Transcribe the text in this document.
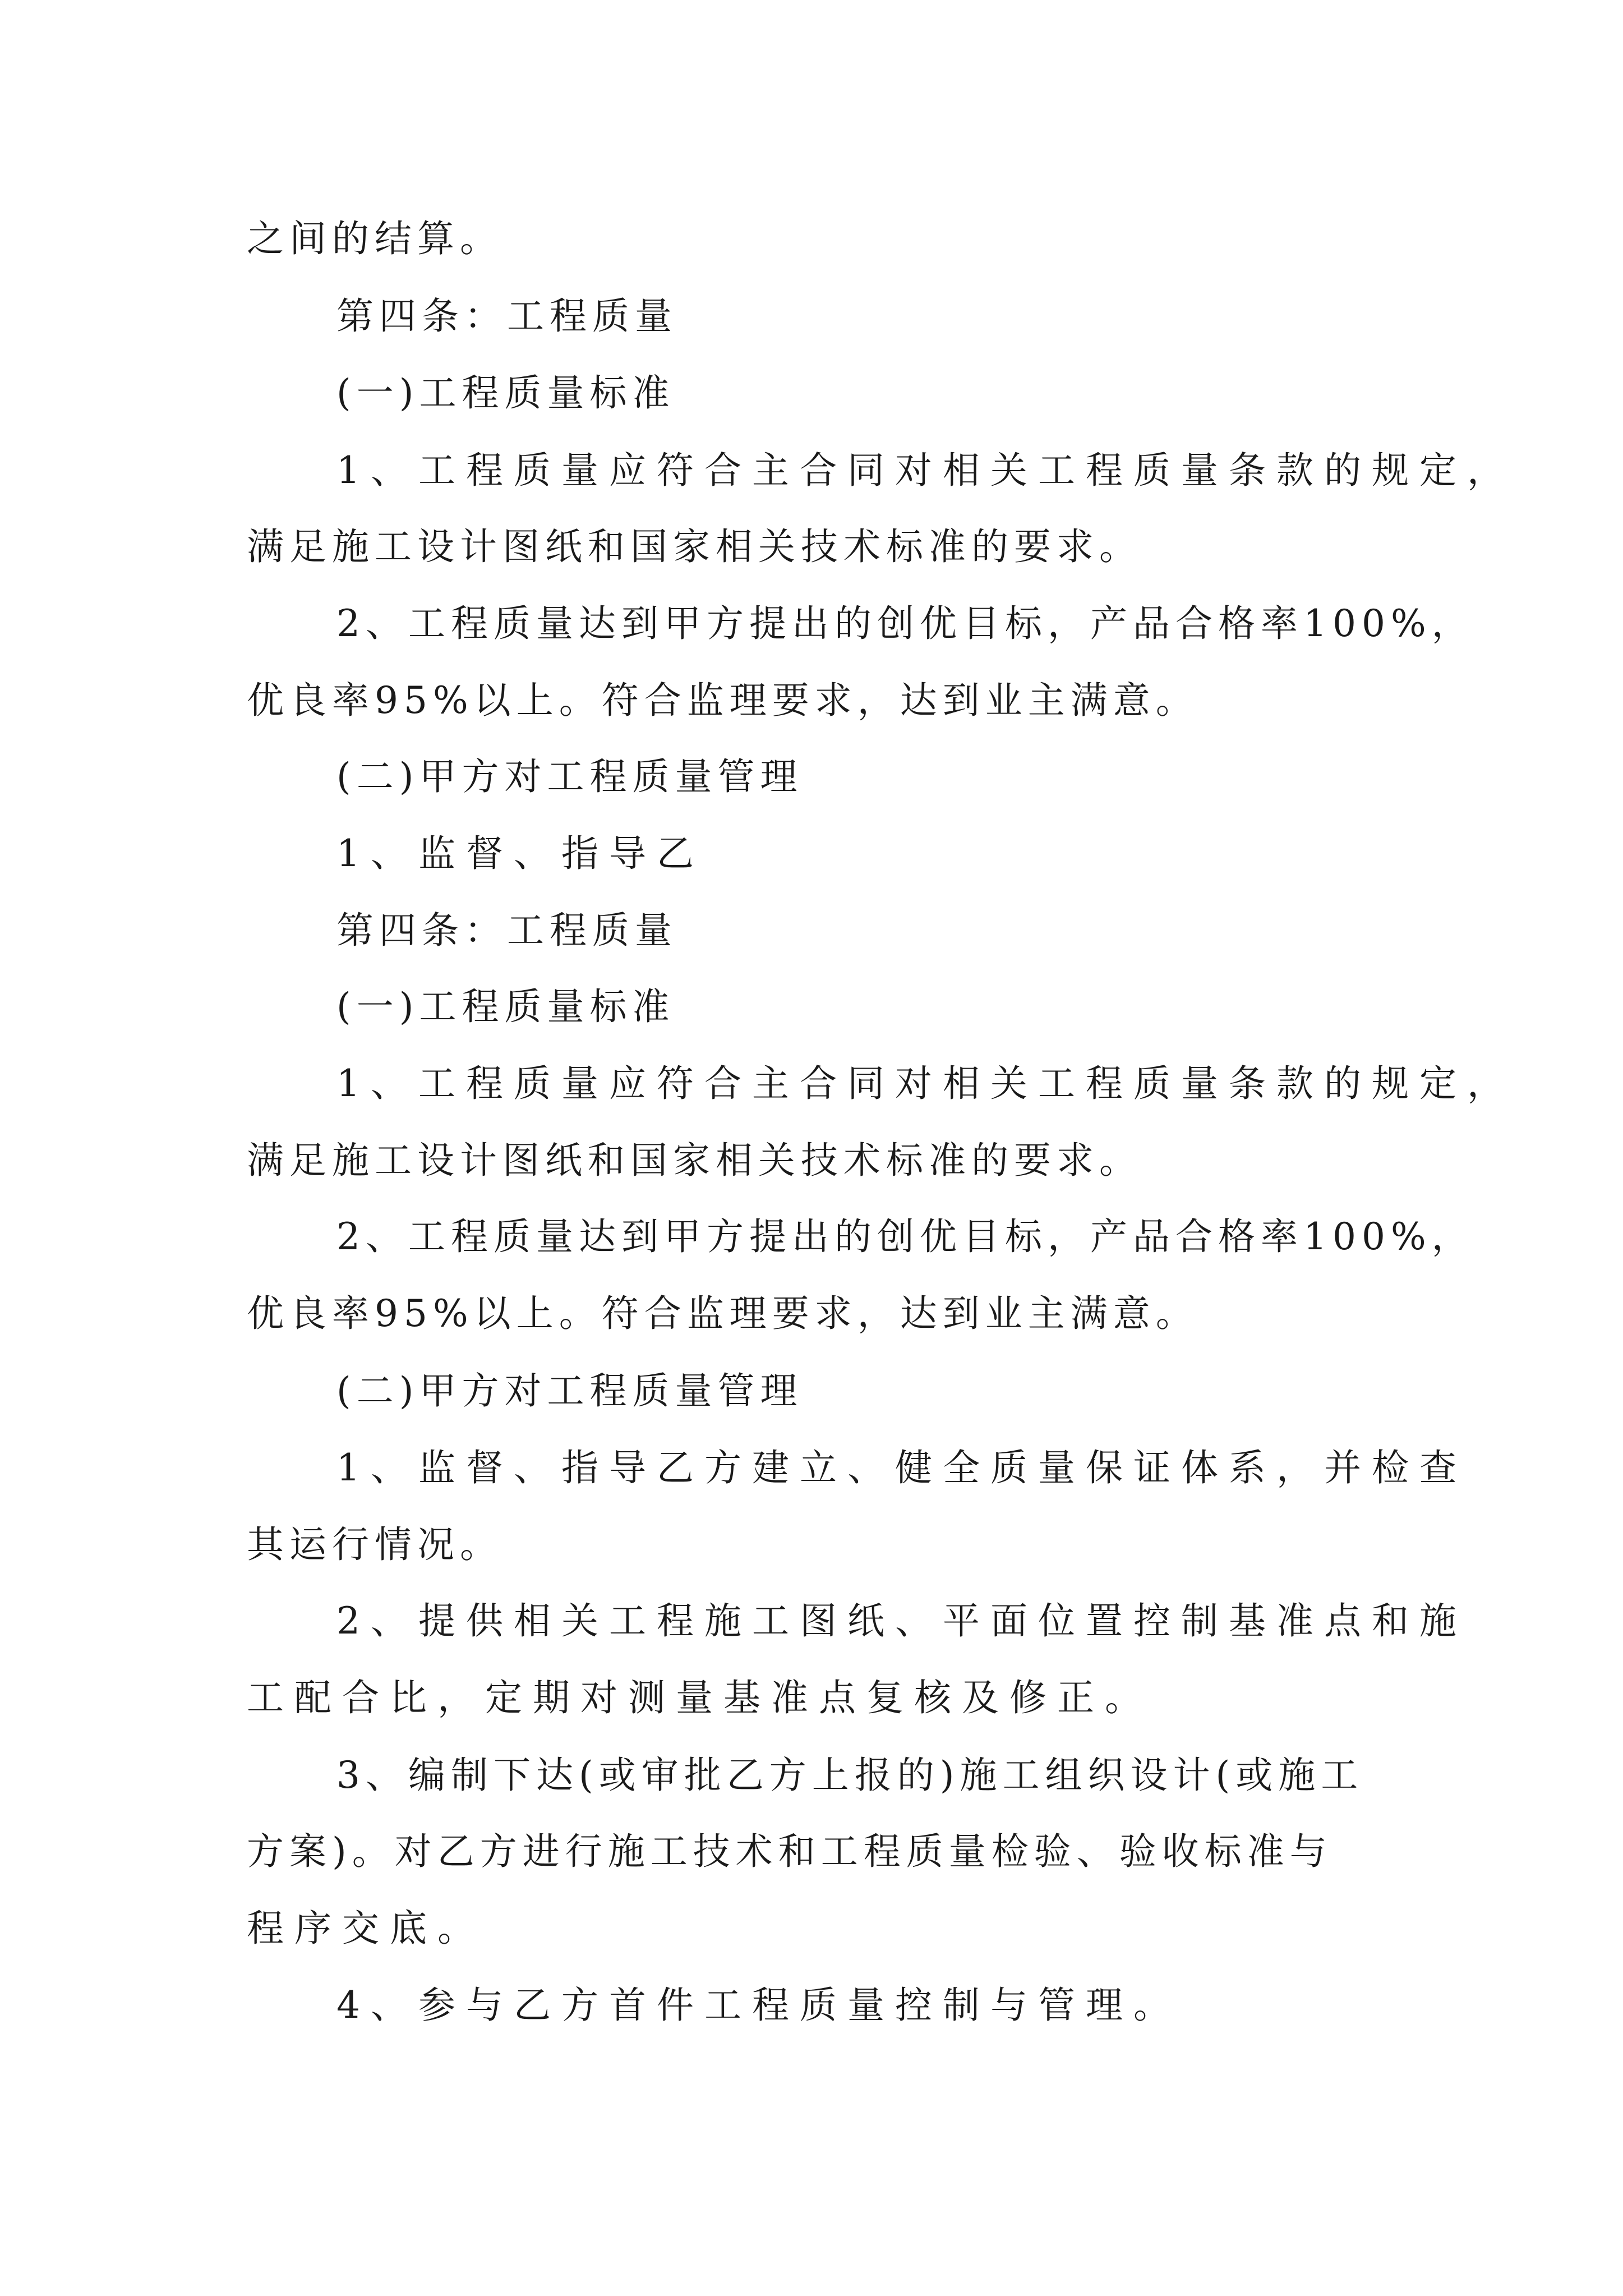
之间的结算。

第四条：工程质量

(一)工程质量标准

1、工程质量应符合主合同对相关工程质量条款的规定，

满足施工设计图纸和国家相关技术标准的要求。

2、工程质量达到甲方提出的创优目标，产品合格率100%，

优良率95%以上。符合监理要求，达到业主满意。

(二)甲方对工程质量管理

1、监督、指导乙

第四条：工程质量

(一)工程质量标准

1、工程质量应符合主合同对相关工程质量条款的规定，

满足施工设计图纸和国家相关技术标准的要求。

2、工程质量达到甲方提出的创优目标，产品合格率100%，

优良率95%以上。符合监理要求，达到业主满意。

(二)甲方对工程质量管理

1、监督、指导乙方建立、健全质量保证体系，并检查

其运行情况。

2、提供相关工程施工图纸、平面位置控制基准点和施

工配合比，定期对测量基准点复核及修正。

3、编制下达(或审批乙方上报的)施工组织设计(或施工

方案)。对乙方进行施工技术和工程质量检验、验收标准与

程序交底。

4、参与乙方首件工程质量控制与管理。
